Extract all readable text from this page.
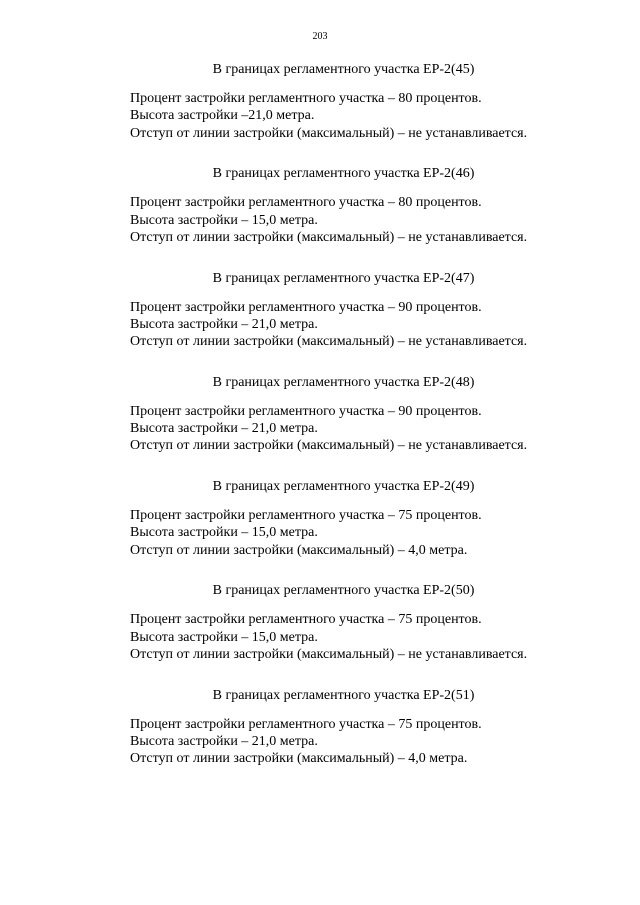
203
В границах регламентного участка ЕР-2(45)
Процент застройки регламентного участка – 80 процентов.
Высота застройки –21,0 метра.
Отступ от линии застройки (максимальный) – не устанавливается.
В границах регламентного участка ЕР-2(46)
Процент застройки регламентного участка – 80 процентов.
Высота застройки – 15,0 метра.
Отступ от линии застройки (максимальный) – не устанавливается.
В границах регламентного участка ЕР-2(47)
Процент застройки регламентного участка – 90 процентов.
Высота застройки – 21,0 метра.
Отступ от линии застройки (максимальный) – не устанавливается.
В границах регламентного участка ЕР-2(48)
Процент застройки регламентного участка – 90 процентов.
Высота застройки – 21,0 метра.
Отступ от линии застройки (максимальный) – не устанавливается.
В границах регламентного участка ЕР-2(49)
Процент застройки регламентного участка – 75 процентов.
Высота застройки – 15,0 метра.
Отступ от линии застройки (максимальный) – 4,0 метра.
В границах регламентного участка ЕР-2(50)
Процент застройки регламентного участка – 75 процентов.
Высота застройки – 15,0 метра.
Отступ от линии застройки (максимальный) – не устанавливается.
В границах регламентного участка ЕР-2(51)
Процент застройки регламентного участка – 75 процентов.
Высота застройки – 21,0 метра.
Отступ от линии застройки (максимальный) – 4,0 метра.
